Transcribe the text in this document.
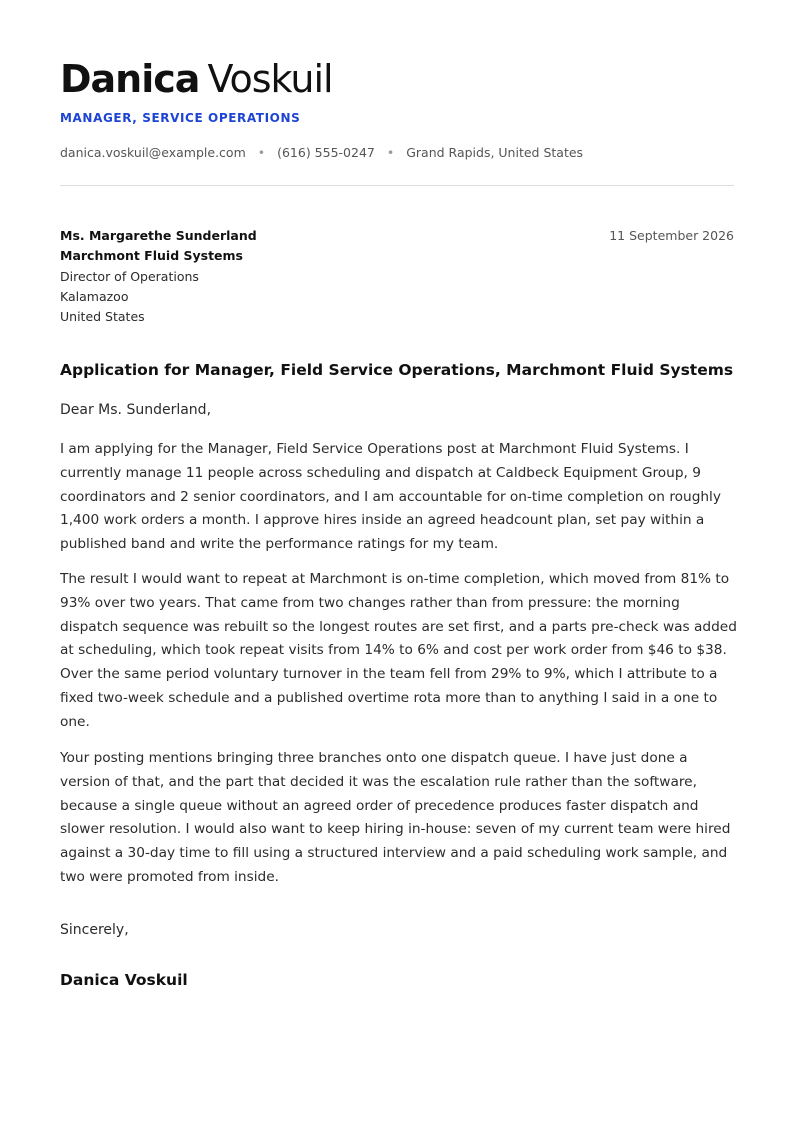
Danica Voskuil
MANAGER, SERVICE OPERATIONS
danica.voskuil@example.com • (616) 555-0247 • Grand Rapids, United States
Ms. Margarethe Sunderland
Marchmont Fluid Systems
Director of Operations
Kalamazoo
United States
11 September 2026
Application for Manager, Field Service Operations, Marchmont Fluid Systems
Dear Ms. Sunderland,

I am applying for the Manager, Field Service Operations post at Marchmont Fluid Systems. I currently manage 11 people across scheduling and dispatch at Caldbeck Equipment Group, 9 coordinators and 2 senior coordinators, and I am accountable for on-time completion on roughly 1,400 work orders a month. I approve hires inside an agreed headcount plan, set pay within a published band and write the performance ratings for my team.

The result I would want to repeat at Marchmont is on-time completion, which moved from 81% to 93% over two years. That came from two changes rather than from pressure: the morning dispatch sequence was rebuilt so the longest routes are set first, and a parts pre-check was added at scheduling, which took repeat visits from 14% to 6% and cost per work order from $46 to $38. Over the same period voluntary turnover in the team fell from 29% to 9%, which I attribute to a fixed two-week schedule and a published overtime rota more than to anything I said in a one to one.

Your posting mentions bringing three branches onto one dispatch queue. I have just done a version of that, and the part that decided it was the escalation rule rather than the software, because a single queue without an agreed order of precedence produces faster dispatch and slower resolution. I would also want to keep hiring in-house: seven of my current team were hired against a 30-day time to fill using a structured interview and a paid scheduling work sample, and two were promoted from inside.

Sincerely,
Danica Voskuil
